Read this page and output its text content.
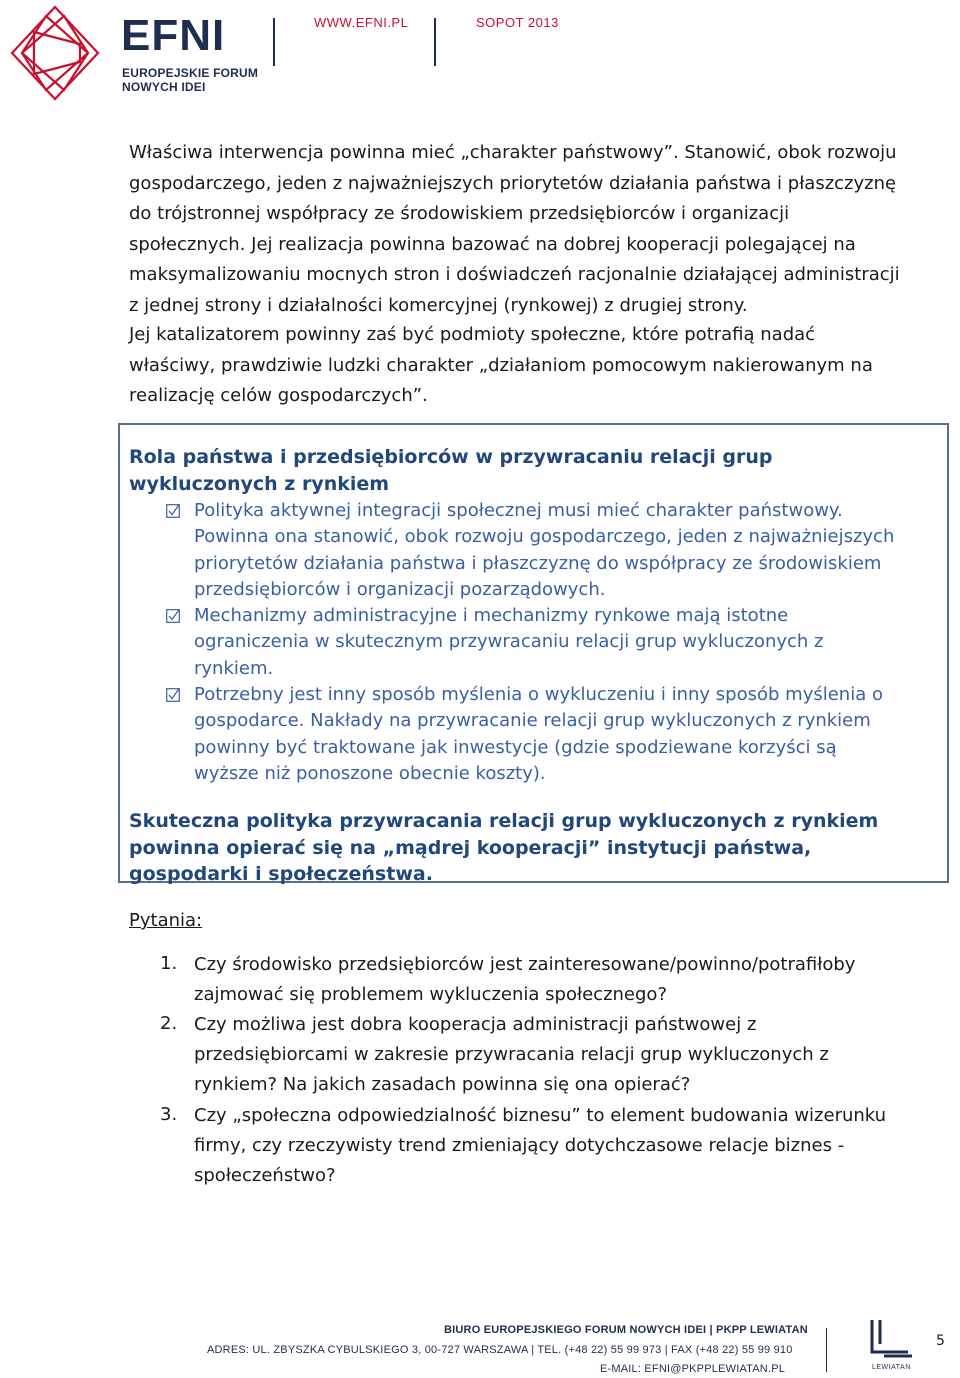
EFNI
EUROPEJSKIE FORUM
NOWYCH IDEI
WWW.EFNI.PL	SOPOT 2013
Właściwa interwencja powinna mieć „charakter państwowy”. Stanowić, obok rozwoju
gospodarczego, jeden z najważniejszych priorytetów działania państwa i płaszczyznę
do trójstronnej współpracy ze środowiskiem przedsiębiorców i organizacji
społecznych. Jej realizacja powinna bazować na dobrej kooperacji polegającej na
maksymalizowaniu mocnych stron i doświadczeń racjonalnie działającej administracji
z jednej strony i działalności komercyjnej (rynkowej) z drugiej strony.
Jej katalizatorem powinny zaś być podmioty społeczne, które potrafią nadać
właściwy, prawdziwie ludzki charakter „działaniom pomocowym nakierowanym na
realizację celów gospodarczych”.
Rola państwa i przedsiębiorców w przywracaniu relacji grup
wykluczonych z rynkiem
Polityka aktywnej integracji społecznej musi mieć charakter państwowy.
Powinna ona stanowić, obok rozwoju gospodarczego, jeden z najważniejszych
priorytetów działania państwa i płaszczyznę do współpracy ze środowiskiem
przedsiębiorców i organizacji pozarządowych.
Mechanizmy administracyjne i mechanizmy rynkowe mają istotne
ograniczenia w skutecznym przywracaniu relacji grup wykluczonych z
rynkiem.
Potrzebny jest inny sposób myślenia o wykluczeniu i inny sposób myślenia o
gospodarce. Nakłady na przywracanie relacji grup wykluczonych z rynkiem
powinny być traktowane jak inwestycje (gdzie spodziewane korzyści są
wyższe niż ponoszone obecnie koszty).
Skuteczna polityka przywracania relacji grup wykluczonych z rynkiem
powinna opierać się na „mądrej kooperacji” instytucji państwa,
gospodarki i społeczeństwa.
Pytania:
1. Czy środowisko przedsiębiorców jest zainteresowane/powinno/potrafiłoby
zajmować się problemem wykluczenia społecznego?
2. Czy możliwa jest dobra kooperacja administracji państwowej z
przedsiębiorcami w zakresie przywracania relacji grup wykluczonych z
rynkiem? Na jakich zasadach powinna się ona opierać?
3. Czy „społeczna odpowiedzialność biznesu” to element budowania wizerunku
firmy, czy rzeczywisty trend zmieniający dotychczasowe relacje biznes -
społeczeństwo?
BIURO EUROPEJSKIEGO FORUM NOWYCH IDEI | PKPP LEWIATAN
ADRES: UL. ZBYSZKA CYBULSKIEGO 3, 00-727 WARSZAWA | TEL. (+48 22) 55 99 973 | FAX (+48 22) 55 99 910
E-MAIL: EFNI@PKPPLEWIATAN.PL	LEWIATAN
5
